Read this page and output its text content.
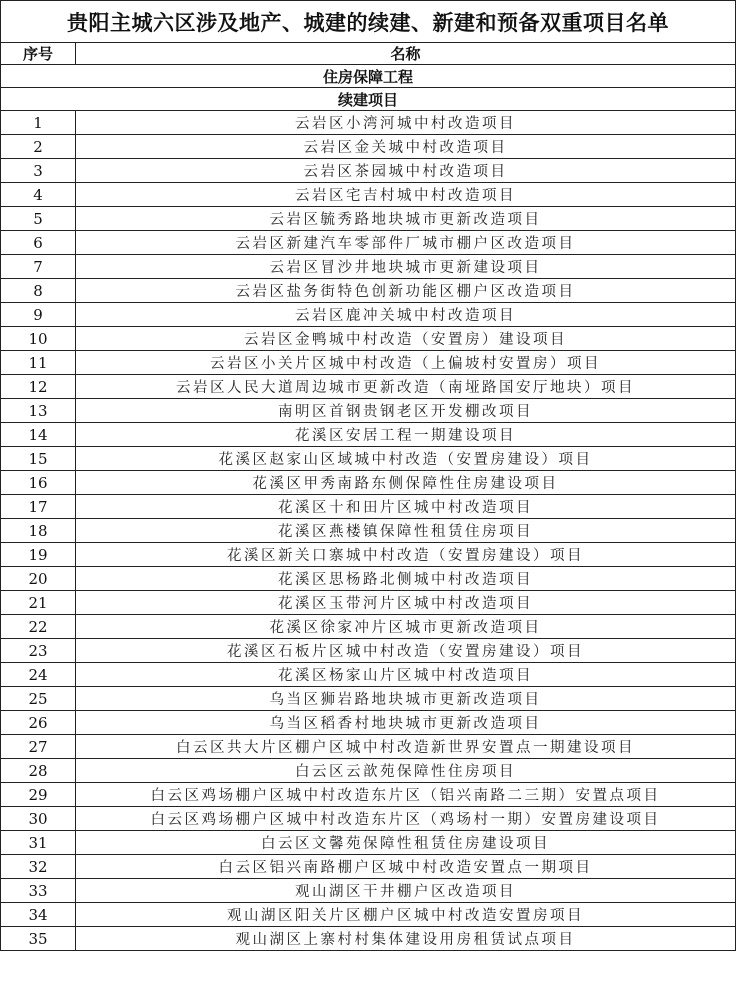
贵阳主城六区涉及地产、城建的续建、新建和预备双重项目名单	
序号	名称
住房保障工程	
续建项目	
1	云岩区小湾河城中村改造项目
2	云岩区金关城中村改造项目
3	云岩区茶园城中村改造项目
4	云岩区宅吉村城中村改造项目
5	云岩区毓秀路地块城市更新改造项目
6	云岩区新建汽车零部件厂城市棚户区改造项目
7	云岩区冒沙井地块城市更新建设项目
8	云岩区盐务街特色创新功能区棚户区改造项目
9	云岩区鹿冲关城中村改造项目
10	云岩区金鸭城中村改造（安置房）建设项目
11	云岩区小关片区城中村改造（上偏坡村安置房）项目
12	云岩区人民大道周边城市更新改造（南垭路国安厅地块）项目
13	南明区首钢贵钢老区开发棚改项目
14	花溪区安居工程一期建设项目
15	花溪区赵家山区域城中村改造（安置房建设）项目
16	花溪区甲秀南路东侧保障性住房建设项目
17	花溪区十和田片区城中村改造项目
18	花溪区燕楼镇保障性租赁住房项目
19	花溪区新关口寨城中村改造（安置房建设）项目
20	花溪区思杨路北侧城中村改造项目
21	花溪区玉带河片区城中村改造项目
22	花溪区徐家冲片区城市更新改造项目
23	花溪区石板片区城中村改造（安置房建设）项目
24	花溪区杨家山片区城中村改造项目
25	乌当区狮岩路地块城市更新改造项目
26	乌当区稻香村地块城市更新改造项目
27	白云区共大片区棚户区城中村改造新世界安置点一期建设项目
28	白云区云歆苑保障性住房项目
29	白云区鸡场棚户区城中村改造东片区（铝兴南路二三期）安置点项目
30	白云区鸡场棚户区城中村改造东片区（鸡场村一期）安置房建设项目
31	白云区文馨苑保障性租赁住房建设项目
32	白云区铝兴南路棚户区城中村改造安置点一期项目
33	观山湖区干井棚户区改造项目
34	观山湖区阳关片区棚户区城中村改造安置房项目
35	观山湖区上寨村村集体建设用房租赁试点项目
